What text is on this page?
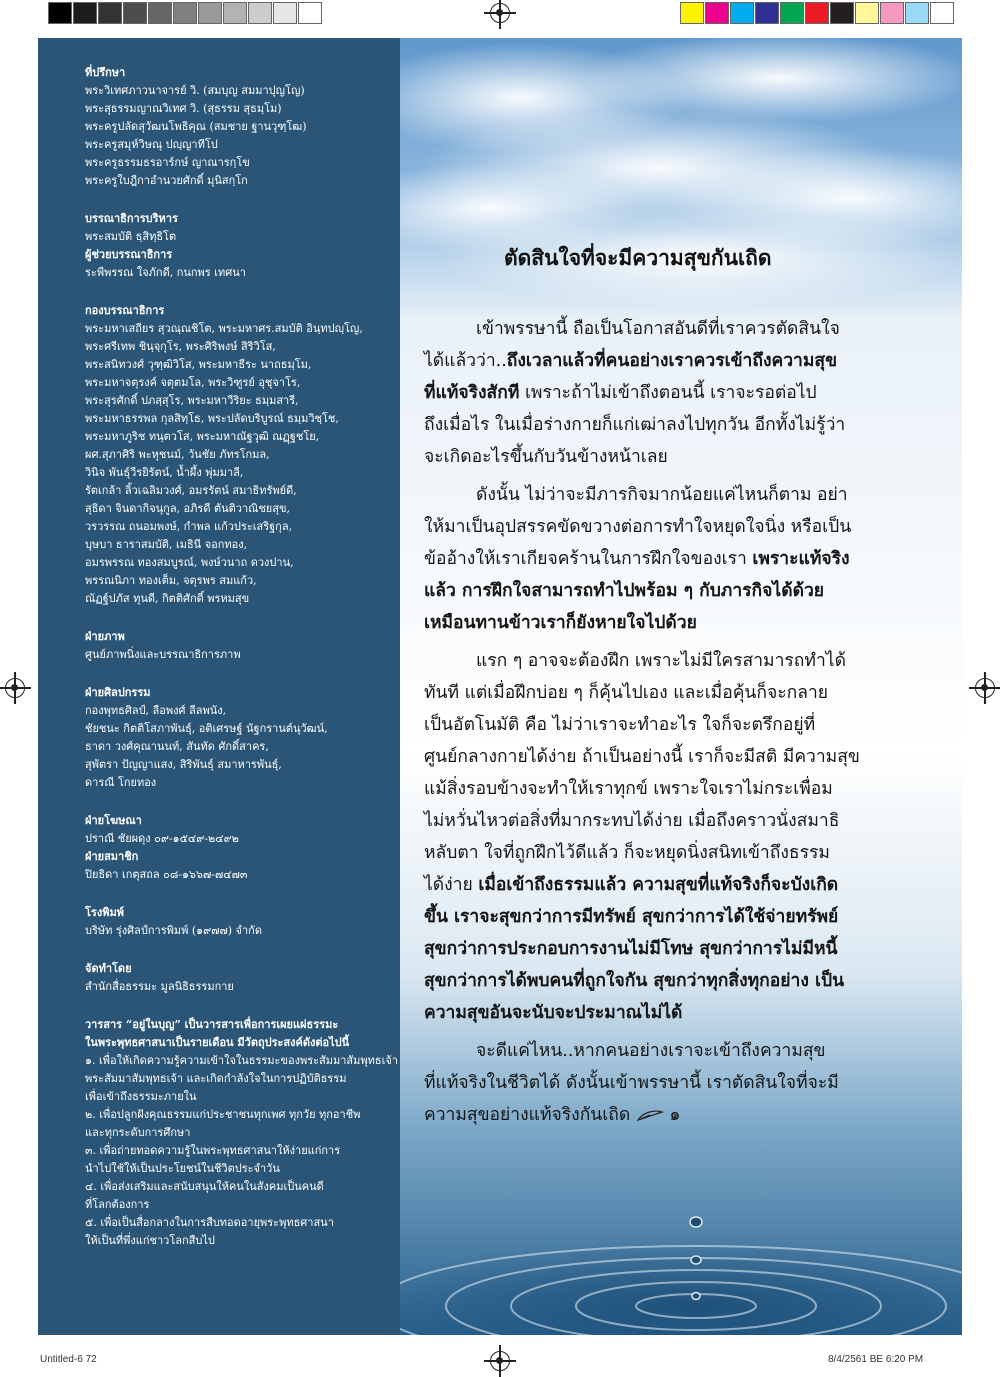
ที่ปรึกษา
พระวิเทศภาวนาจารย์ วิ. (สมบุญ สมมาปุญโญ)
พระสุธรรมญาณวิเทศ วิ. (สุธรรม สุธมฺโม)
พระครูปลัดสุวัฒนโพธิคุณ (สมชาย ฐานวุฑฺโฒ)
พระครูสมุห์วิษณุ ปญฺญาทีโป
พระครูธรรมธรอาร์กษ์ ญาณารกฺโข
พระครูใบฎีกาอำนวยศักดิ์ มุนิสกฺโก
บรรณาธิการบริหาร
พระสมบัติ ธฺสิทฺธิโต
ผู้ช่วยบรรณาธิการ
ระพีพรรณ ใจภักดี, กนกพร เทศนา
กองบรรณาธิการ
พระมหาเสถียร สุวณฺณชิโต, พระมหาศร.สมบัติ อินฺทปญฺโญ,
พระศรีเทพ ชินฺจฺกุโร, พระศิริพงษ์ สิริวิโส,
พระสนิทวงศ์ วุฑฺฒิวิโส, พระมหาธีระ นาถธมฺโม,
พระมหาจตุรงค์ จตุตมโล, พระวิฑูรย์ อุชุจาโร,
พระสุรศักดิ์ ปภสฺสุโร, พระมหาวีริยะ ธมฺมสารี,
พระมหาธรรพล กุลสิทฺโธ, พระปลัดบริบูรณ์ ธมฺมวิชฺโช,
พระมหาภูริช ทนฺตวโส, พระมหาณัฐวุฒิ ณฏฺฐชโย,
ผศ.สุภาศิริ พะหุชนม์, วันชัย ภัทรโกมล,
วินิจ พันธุ์วีรยิรัตน์, น้ำผึ้ง พุ่มมาลี,
รัตเกล้า ลิ้วเฉลิมวงศ์, อมรรัตน์ สมาธิทรัพย์ดี,
สุธิดา จินดากิจนุกูล, อภิรดี ตันติวาณิชยสุข,
วรวรรณ ถนอมพงษ์, กำพล แก้วประเสริฐกุล,
บุษบา ธาราสมบัติ, เมธินี จอกทอง,
อมรพรรณ ทองสมบูรณ์, พงษ์วนาถ ดวงปาน,
พรรณนิภา ทองเต็ม, จตุรพร สมแก้ว,
ณัฏฐ์ปภัส ทุนดี, กิตติศักดิ์ พรหมสุข
ฝ่ายภาพ
ศูนย์ภาพนิ่งและบรรณาธิการภาพ
ฝ่ายศิลปกรรม
กองพุทธศิลป์, ลือพงศ์ ลีลพนัง,
ชัยชนะ กิตติโสภาพันธุ์, อติเศรษฐ์ นัฐกรานต์นุวัฒน์,
ธาดา วงศ์คุณานนท์, สันทัด ศักดิ์สาคร,
สุพัตรา ปัญญาแสง, สิริพันธุ์ สมาหารพันธุ์,
ดารณี โกยทอง
ฝ่ายโฆษณา
ปราณี ชัยผดุง ๐๙-๑๕๔๙-๒๔๙๒
ฝ่ายสมาชิก
ปิยธิดา เกตุสถล ๐๘-๑๖๖๗-๗๔๗๓
โรงพิมพ์
บริษัท รุ่งศิลป์การพิมพ์ (๑๙๗๗) จำกัด
จัดทำโดย
สำนักสื่อธรรมะ มูลนิธิธรรมกาย
วารสาร “อยู่ในบุญ” เป็นวารสารเพื่อการเผยแผ่ธรรมะ
ในพระพุทธศาสนาเป็นรายเดือน มีวัตถุประสงค์ดังต่อไปนี้
๑. เพื่อให้เกิดความรู้ความเข้าใจในธรรมะของพระสัมมาสัมพุทธเจ้า
พระสัมมาสัมพุทธเจ้า และเกิดกำลังใจในการปฏิบัติธรรม
เพื่อเข้าถึงธรรมะภายใน
๒. เพื่อปลูกฝังคุณธรรมแก่ประชาชนทุกเพศ ทุกวัย ทุกอาชีพ
และทุกระดับการศึกษา
๓. เพื่อถ่ายทอดความรู้ในพระพุทธศาสนาให้ง่ายแก่การ
นำไปใช้ให้เป็นประโยชน์ในชีวิตประจำวัน
๔. เพื่อส่งเสริมและสนับสนุนให้คนในสังคมเป็นคนดี
ที่โลกต้องการ
๕. เพื่อเป็นสื่อกลางในการสืบทอดอายุพระพุทธศาสนา
ให้เป็นที่พึ่งแก่ชาวโลกสืบไป
ตัดสินใจที่จะมีความสุขกันเถิด
เข้าพรรษานี้ ถือเป็นโอกาสอันดีที่เราควรตัดสินใจ
ได้แล้วว่า..ถึงเวลาแล้วที่คนอย่างเราควรเข้าถึงความสุข
ที่แท้จริงสักที เพราะถ้าไม่เข้าถึงตอนนี้ เราจะรอต่อไป
ถึงเมื่อไร ในเมื่อร่างกายก็แก่เฒ่าลงไปทุกวัน อีกทั้งไม่รู้ว่า
จะเกิดอะไรขึ้นกับวันข้างหน้าเลย
ดังนั้น ไม่ว่าจะมีภารกิจมากน้อยแค่ไหนก็ตาม อย่า
ให้มาเป็นอุปสรรคขัดขวางต่อการทำใจหยุดใจนิ่ง หรือเป็น
ข้ออ้างให้เราเกียจคร้านในการฝึกใจของเรา เพราะแท้จริง
แล้ว การฝึกใจสามารถทำไปพร้อม ๆ กับภารกิจได้ด้วย
เหมือนทานข้าวเราก็ยังหายใจไปด้วย
แรก ๆ อาจจะต้องฝึก เพราะไม่มีใครสามารถทำได้
ทันที แต่เมื่อฝึกบ่อย ๆ ก็คุ้นไปเอง และเมื่อคุ้นก็จะกลาย
เป็นอัตโนมัติ คือ ไม่ว่าเราจะทำอะไร ใจก็จะตรึกอยู่ที่
ศูนย์กลางกายได้ง่าย ถ้าเป็นอย่างนี้ เราก็จะมีสติ มีความสุข
แม้สิ่งรอบข้างจะทำให้เราทุกข์ เพราะใจเราไม่กระเพื่อม
ไม่หวั่นไหวต่อสิ่งที่มากระทบได้ง่าย เมื่อถึงคราวนั่งสมาธิ
หลับตา ใจที่ถูกฝึกไว้ดีแล้ว ก็จะหยุดนิ่งสนิทเข้าถึงธรรม
ได้ง่าย เมื่อเข้าถึงธรรมแล้ว ความสุขที่แท้จริงก็จะบังเกิด
ขึ้น เราจะสุขกว่าการมีทรัพย์ สุขกว่าการได้ใช้จ่ายทรัพย์
สุขกว่าการประกอบการงานไม่มีโทษ สุขกว่าการไม่มีหนี้
สุขกว่าการได้พบคนที่ถูกใจกัน สุขกว่าทุกสิ่งทุกอย่าง เป็น
ความสุขอันจะนับจะประมาณไม่ได้
จะดีแค่ไหน..หากคนอย่างเราจะเข้าถึงความสุข
ที่แท้จริงในชีวิตได้ ดังนั้นเข้าพรรษานี้ เราตัดสินใจที่จะมี
ความสุขอย่างแท้จริงกันเถิด ๑
Untitled-6 72	8/4/2561 BE 6:20 PM
